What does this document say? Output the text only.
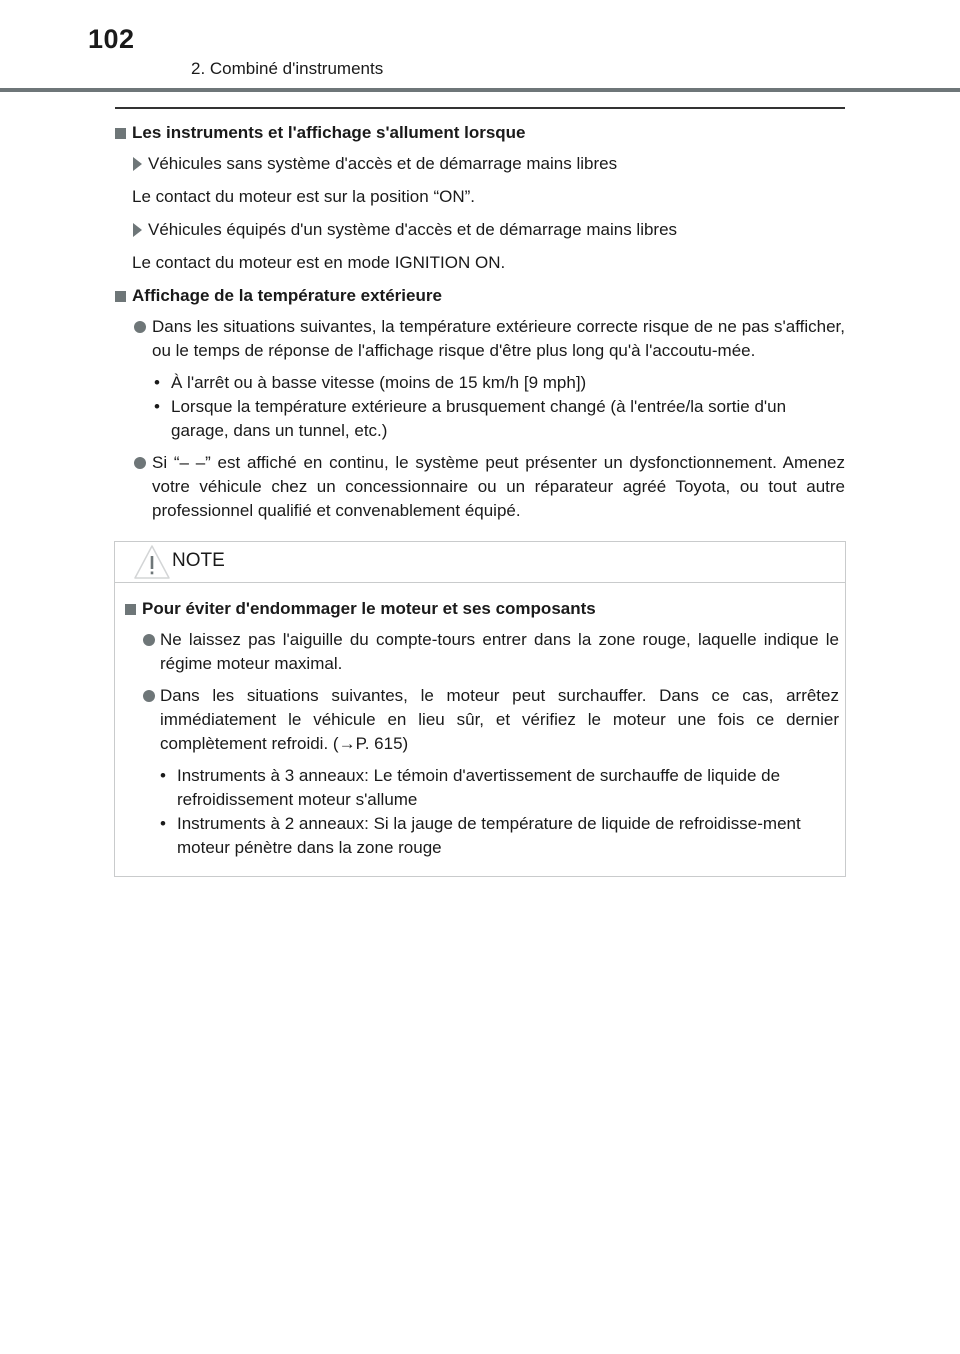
102
2. Combiné d'instruments
Les instruments et l'affichage s'allument lorsque
Véhicules sans système d'accès et de démarrage mains libres
Le contact du moteur est sur la position “ON”.
Véhicules équipés d'un système d'accès et de démarrage mains libres
Le contact du moteur est en mode IGNITION ON.
Affichage de la température extérieure
Dans les situations suivantes, la température extérieure correcte risque de ne pas s'afficher, ou le temps de réponse de l'affichage risque d'être plus long qu'à l'accoutu-mée.
• À l'arrêt ou à basse vitesse (moins de 15 km/h [9 mph])
• Lorsque la température extérieure a brusquement changé (à l'entrée/la sortie d'un garage, dans un tunnel, etc.)
Si “– –” est affiché en continu, le système peut présenter un dysfonctionnement. Amenez votre véhicule chez un concessionnaire ou un réparateur agréé Toyota, ou tout autre professionnel qualifié et convenablement équipé.
NOTE
Pour éviter d'endommager le moteur et ses composants
Ne laissez pas l'aiguille du compte-tours entrer dans la zone rouge, laquelle indique le régime moteur maximal.
Dans les situations suivantes, le moteur peut surchauffer. Dans ce cas, arrêtez immédiatement le véhicule en lieu sûr, et vérifiez le moteur une fois ce dernier complètement refroidi. (→P. 615)
• Instruments à 3 anneaux: Le témoin d'avertissement de surchauffe de liquide de refroidissement moteur s'allume
• Instruments à 2 anneaux: Si la jauge de température de liquide de refroidisse-ment moteur pénètre dans la zone rouge
